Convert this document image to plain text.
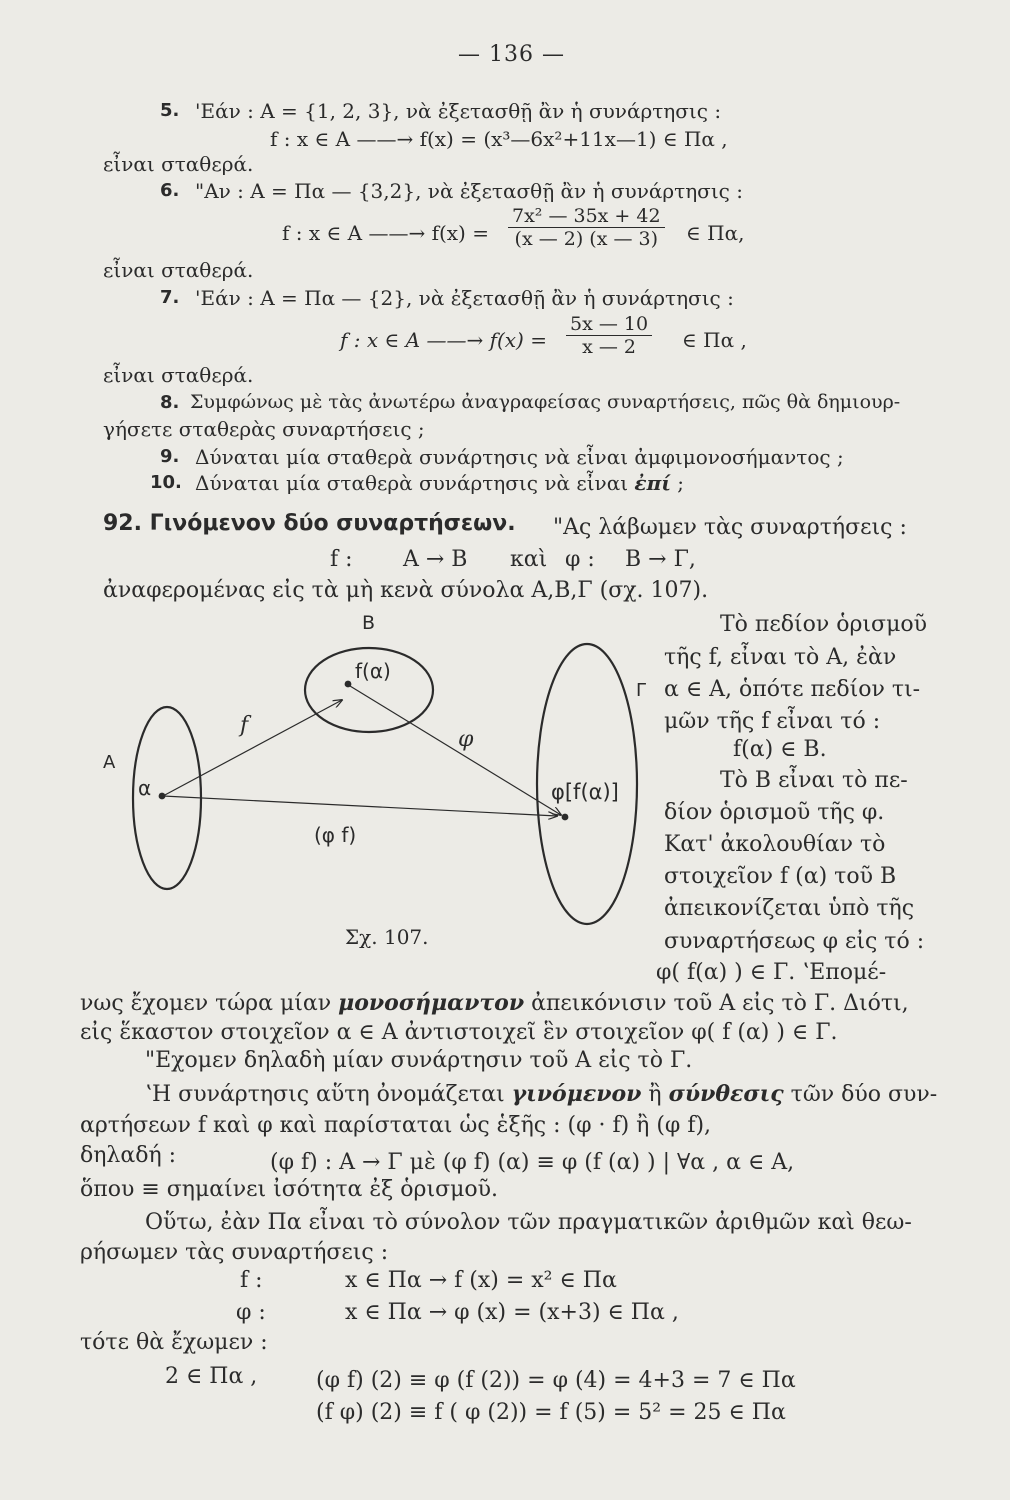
— 136 —
5. 'Εάν : A = {1, 2, 3}, νὰ ἐξετασθῇ ἂν ἡ συνάρτησις :
f : x ∈ A ——→ f(x) = (x³—6x²+11x—1) ∈ Πα ,
εἶναι σταθερά.
6. "Αν : A = Πα — {3,2}, νὰ ἐξετασθῇ ἂν ἡ συνάρτησις :
f : x ∈ A ——→ $f(x) = \frac{\text{7x² — 35x + 42}}{(x — 2) (x — 3)}$ ∈ Πα,
εἶναι σταθερά.
7. 'Εάν : A = Πα — {2}, νὰ ἐξετασθῇ ἂν ἡ συνάρτησις :
f : x ∈ A ——→ $f(x) = \frac{5x — 10}{x — 2}$ ∈ Πα ,
εἶναι σταθερά.
8. Συμφώνως μὲ τὰς ἀνωτέρω ἀναγραφείσας συναρτήσεις, πῶς θὰ δημιουρ-
γήσετε σταθερὰς συναρτήσεις ;
9. Δύναται μία σταθερὰ συνάρτησις νὰ εἶναι ἀμφιμονοσήμαντος ;
10. Δύναται μία σταθερὰ συνάρτησις νὰ εἶναι ἐπί ;
92. Γινόμενον δύο συναρτήσεων. "Ας λάβωμεν τὰς συναρτήσεις :
f : A → B καὶ φ : B → Γ,
ἀναφερομένας εἰς τὰ μὴ κενὰ σύνολα A,B,Γ (σχ. 107).
B
A
Γ
α
f(α)
φ[f(α)]
f
φ
(φ f)
Σχ. 107.
Τὸ πεδίον ὁρισμοῦ
τῆς f, εἶναι τὸ A, ἐὰν
α ∈ A, ὁπότε πεδίον τι-
μῶν τῆς f εἶναι τό :
f(α) ∈ B.
Τὸ B εἶναι τὸ πε-
δίον ὁρισμοῦ τῆς φ.
Κατ' ἀκολουθίαν τὸ
στοιχεῖον f (α) τοῦ B
ἀπεικονίζεται ὑπὸ τῆς
συναρτήσεως φ εἰς τό :
φ( f(α) ) ∈ Γ. ʽΕπομέ-
νως ἔχομεν τώρα μίαν μονοσήμαντον ἀπεικόνισιν τοῦ A εἰς τὸ Γ. Διότι,
εἰς ἕκαστον στοιχεῖον α ∈ A ἀντιστοιχεῖ ἓν στοιχεῖον φ( f (α) ) ∈ Γ.
"Εχομεν δηλαδὴ μίαν συνάρτησιν τοῦ A εἰς τὸ Γ.
ʽΗ συνάρτησις αὕτη ὀνομάζεται γινόμενον ἢ σύνθεσις τῶν δύο συν-
αρτήσεων f καὶ φ καὶ παρίσταται ὡς ἑξῆς : (φ · f) ἢ (φ f),
δηλαδή :	(φ f) : A → Γ μὲ (φ f) (α) ≡ φ (f (α) ) | ∀α , α ∈ A,
ὅπου ≡ σημαίνει ἰσότητα ἐξ ὁρισμοῦ.
Οὕτω, ἐὰν Πα εἶναι τὸ σύνολον τῶν πραγματικῶν ἀριθμῶν καὶ θεω-
ρήσωμεν τὰς συναρτήσεις :
f :	x ∈ Πα → f (x) = x² ∈ Πα
φ :	x ∈ Πα → φ (x) = (x+3) ∈ Πα ,
τότε θὰ ἔχωμεν :
2 ∈ Πα ,	(φ f) (2) ≡ φ (f (2)) = φ (4) = 4+3 = 7 ∈ Πα
(f φ) (2) ≡ f ( φ (2)) = f (5) = 5² = 25 ∈ Πα
